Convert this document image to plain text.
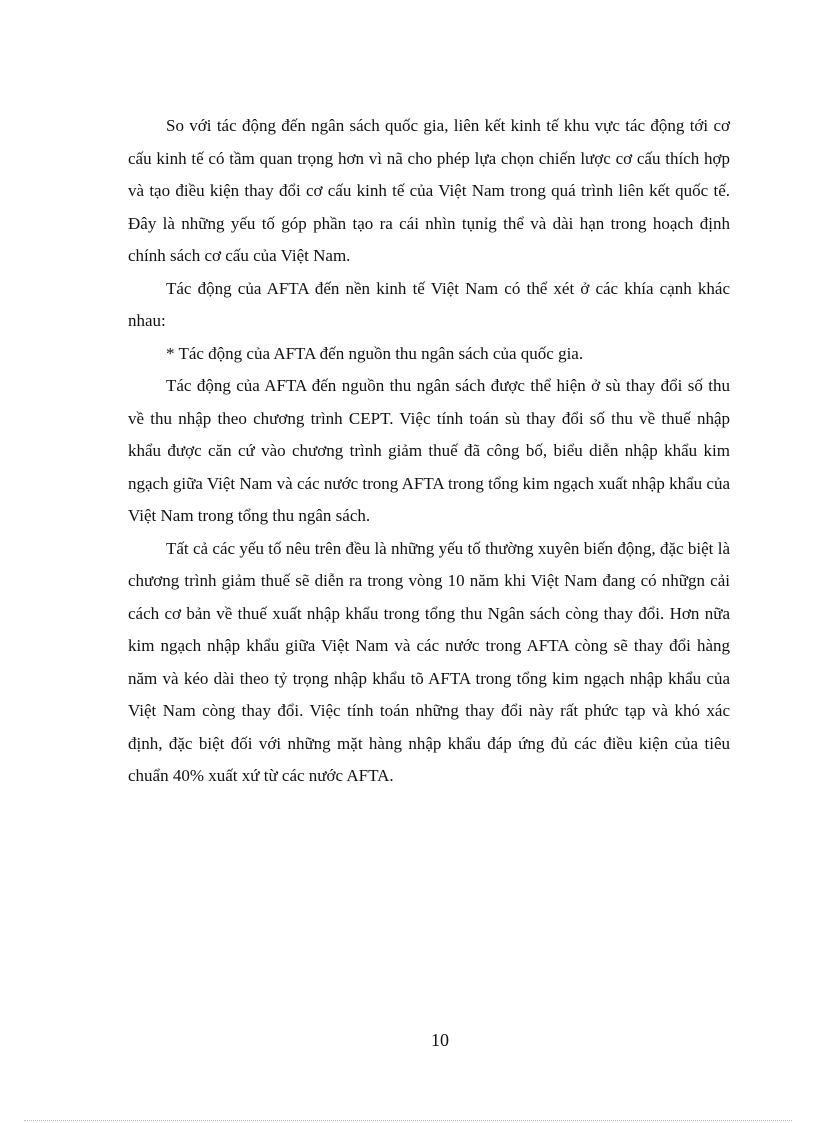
So với tác động đến ngân sách quốc gia, liên kết kinh tế khu vực tác động tới cơ cấu kinh tế có tầm quan trọng hơn vì nã cho phép lựa chọn chiến lược cơ cấu thích hợp và tạo điều kiện thay đổi cơ cấu kinh tế của Việt Nam trong quá trình liên kết quốc tế. Đây là những yếu tố góp phần tạo ra cái nhìn tụnỉg thể và dài hạn trong hoạch định chính sách cơ cấu của Việt Nam.

Tác động của AFTA đến nền kinh tế Việt Nam có thể xét ở các khía cạnh khác nhau:

* Tác động của AFTA đến nguồn thu ngân sách của quốc gia.

Tác động của AFTA đến nguồn thu ngân sách được thể hiện ở sù thay đổi số thu về thu nhập theo chương trình CEPT. Việc tính toán sù thay đổi số thu về thuế nhập khẩu được căn cứ vào chương trình giảm thuế đã công bố, biểu diễn nhập khẩu kim ngạch giữa Việt Nam và các nước trong AFTA trong tổng kim ngạch xuất nhập khẩu của Việt Nam trong tổng thu ngân sách.

Tất cả các yếu tố nêu trên đều là những yếu tố thường xuyên biến động, đặc biệt là chương trình giảm thuế sẽ diễn ra trong vòng 10 năm khi Việt Nam đang có nhữgn cải cách cơ bản về thuế xuất nhập khẩu trong tổng thu Ngân sách còng thay đổi. Hơn nữa kim ngạch nhập khẩu giữa Việt Nam và các nước trong AFTA còng sẽ thay đổi hàng năm và kéo dài theo tỷ trọng nhập khẩu tõ AFTA trong tổng kim ngạch nhập khẩu của Việt Nam còng thay đổi. Việc tính toán những thay đổi này rất phức tạp và khó xác định, đặc biệt đối với những mặt hàng nhập khẩu đáp ứng đủ các điều kiện của tiêu chuẩn 40% xuất xứ từ các nước AFTA.

10
